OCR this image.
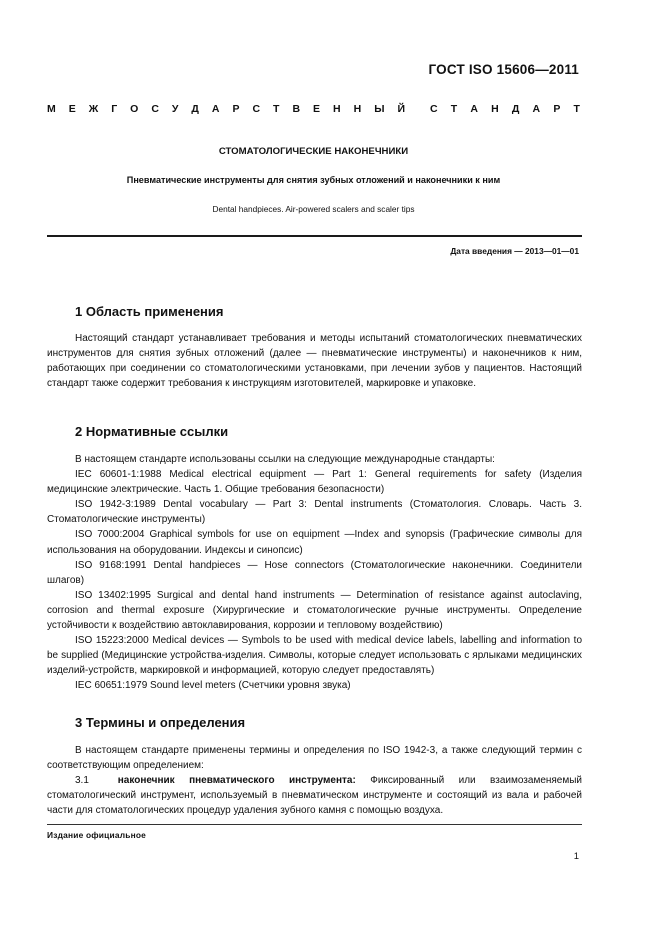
ГОСТ ISO 15606—2011
М Е Ж Г О С У Д А Р С Т В Е Н Н Ы Й С Т А Н Д А Р Т
СТОМАТОЛОГИЧЕСКИЕ НАКОНЕЧНИКИ
Пневматические инструменты для снятия зубных отложений и наконечники к ним
Dental handpieces. Air-powered scalers and scaler tips
Дата введения — 2013—01—01
1 Область применения

Настоящий стандарт устанавливает требования и методы испытаний стоматологических пневматических инструментов для снятия зубных отложений (далее — пневматические инструменты) и наконечников к ним, работающих при соединении со стоматологическими установками, при лечении зубов у пациентов. Настоящий стандарт также содержит требования к инструкциям изготовителей, маркировке и упаковке.

2 Нормативные ссылки

В настоящем стандарте использованы ссылки на следующие международные стандарты:

IEC 60601-1:1988 Medical electrical equipment — Part 1: General requirements for safety (Изделия медицинские электрические. Часть 1. Общие требования безопасности)

ISO 1942-3:1989 Dental vocabulary — Part 3: Dental instruments (Стоматология. Словарь. Часть 3. Стоматологические инструменты)

ISO 7000:2004 Graphical symbols for use on equipment —Index and synopsis (Графические символы для использования на оборудовании. Индексы и синопсис)

ISO 9168:1991 Dental handpieces — Hose connectors (Стоматологические наконечники. Соединители шлагов)

ISO 13402:1995 Surgical and dental hand instruments — Determination of resistance against autoclaving, corrosion and thermal exposure (Хирургические и стоматологические ручные инструменты. Определение устойчивости к воздействию автоклавирования, коррозии и тепловому воздействию)

ISO 15223:2000 Medical devices — Symbols to be used with medical device labels, labelling and information to be supplied (Медицинские устройства-изделия. Символы, которые следует использовать с ярлыками медицинских изделий-устройств, маркировкой и информацией, которую следует предоставлять)

IEC 60651:1979 Sound level meters (Счетчики уровня звука)

3 Термины и определения

В настоящем стандарте применены термины и определения по ISO 1942-3, а также следующий термин с соответствующим определением:

3.1	наконечник пневматического инструмента: Фиксированный или взаимозаменяемый стоматологический инструмент, используемый в пневматическом инструменте и состоящий из вала и рабочей части для стоматологических процедур удаления зубного камня с помощью воздуха.

Издание официальное
1
